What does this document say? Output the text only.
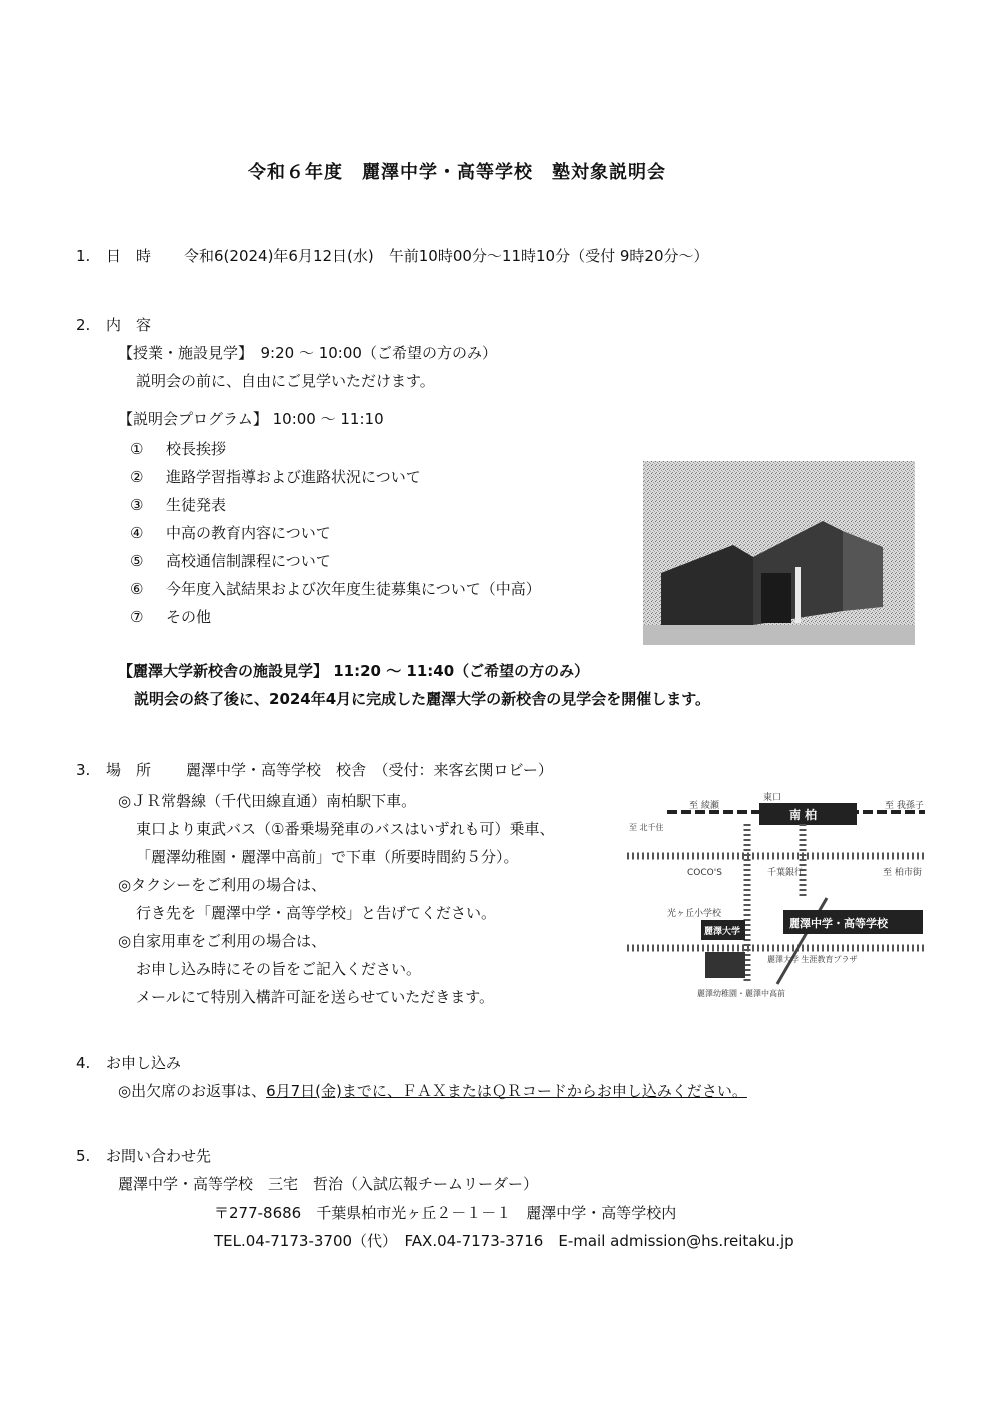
令和６年度　麗澤中学・高等学校　塾対象説明会
1. 日　時 令和6(2024)年6月12日(水)　午前10時00分～11時10分（受付 9時20分～）
2. 内　容
【授業・施設見学】　9:20 ～ 10:00（ご希望の方のみ）
説明会の前に、自由にご見学いただけます。
【説明会プログラム】 10:00 ～ 11:10
① 校長挨拶
② 進路学習指導および進路状況について
③ 生徒発表
④ 中高の教育内容について
⑤ 高校通信制課程について
⑥ 今年度入試結果および次年度生徒募集について（中高）
⑦ その他
【麗澤大学新校舎の施設見学】 11:20 ～ 11:40（ご希望の方のみ）
説明会の終了後に、2024年4月に完成した麗澤大学の新校舎の見学会を開催します。
3. 場　所 麗澤中学・高等学校　校舎　（受付：来客玄関ロビー）
◎ＪＲ常磐線（千代田線直通）南柏駅下車。
東口より東武バス（①番乗場発車のバスはいずれも可）乗車、
「麗澤幼稚園・麗澤中高前」で下車（所要時間約５分）。
◎タクシーをご利用の場合は、
行き先を「麗澤中学・高等学校」と告げてください。
◎自家用車をご利用の場合は、
お申し込み時にその旨をご記入ください。
メールにて特別入構許可証を送らせていただきます。
至 綾瀬	至 我孫子
東口
南 柏
至 北千住
COCO'S	千葉銀行	至 柏市街
光ヶ丘小学校
麗澤大学
麗澤中学・高等学校
麗澤大学 生涯教育プラザ
麗澤幼稚園・麗澤中高前
4. お申し込み
◎出欠席のお返事は、6月7日(金)までに、ＦＡＸまたはＱＲコードからお申し込みください。
5. お問い合わせ先
麗澤中学・高等学校　三宅　哲治（入試広報チームリーダー）
〒277-8686　千葉県柏市光ヶ丘２－１－１　麗澤中学・高等学校内
TEL.04-7173-3700（代）　FAX.04-7173-3716　E-mail admission@hs.reitaku.jp
